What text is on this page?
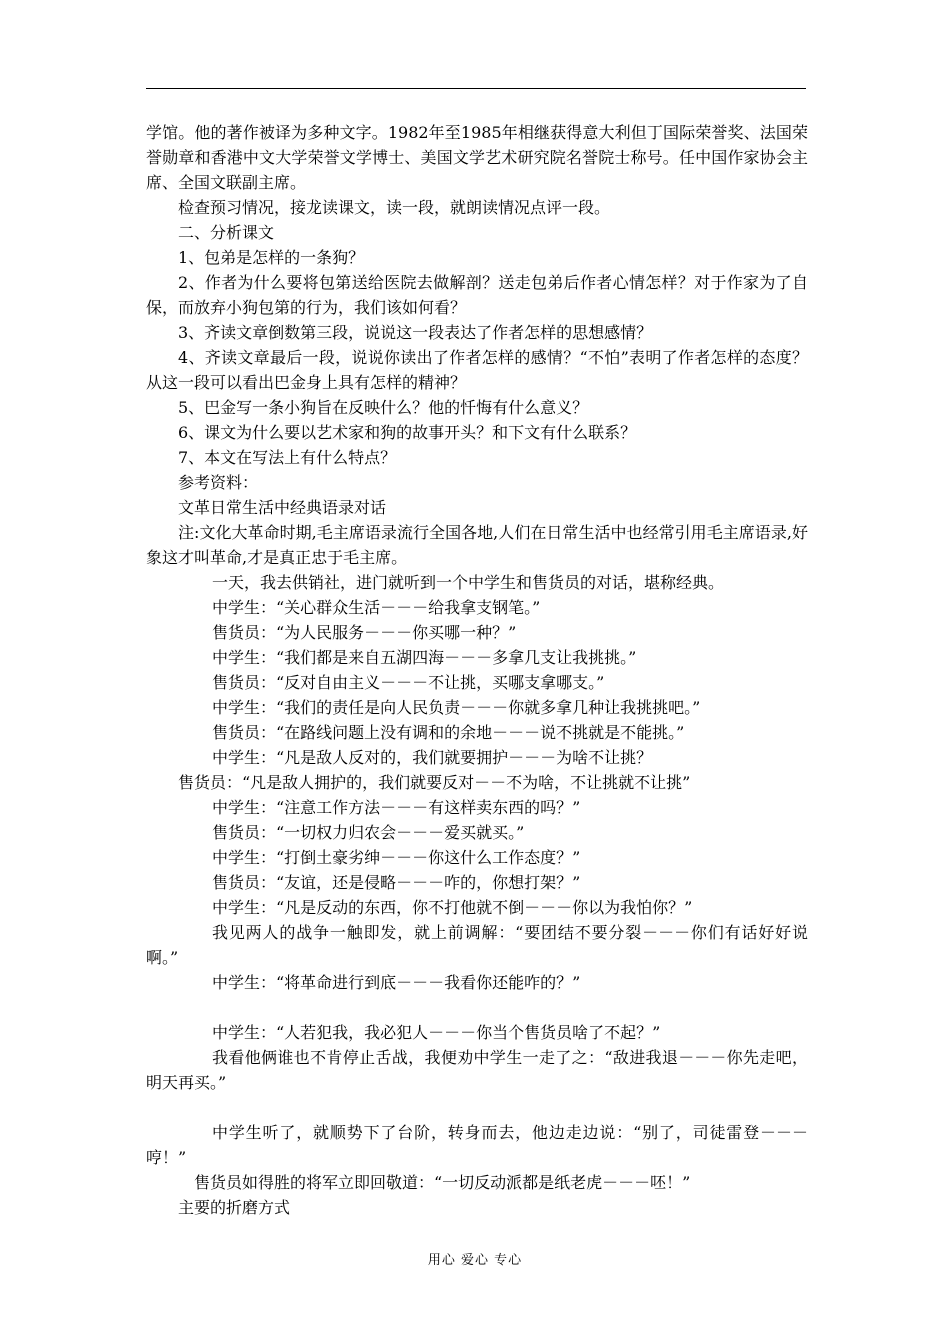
学馆。他的著作被译为多种文字。1982年至1985年相继获得意大利但丁国际荣誉奖、法国荣誉勋章和香港中文大学荣誉文学博士、美国文学艺术研究院名誉院士称号。任中国作家协会主席、全国文联副主席。

检查预习情况，接龙读课文，读一段，就朗读情况点评一段。

二、分析课文

1、包弟是怎样的一条狗？

2、作者为什么要将包第送给医院去做解剖？送走包弟后作者心情怎样？对于作家为了自保，而放弃小狗包第的行为，我们该如何看？

3、齐读文章倒数第三段，说说这一段表达了作者怎样的思想感情？

4、齐读文章最后一段，说说你读出了作者怎样的感情？“不怕”表明了作者怎样的态度？从这一段可以看出巴金身上具有怎样的精神？

5、巴金写一条小狗旨在反映什么？他的忏悔有什么意义？

6、课文为什么要以艺术家和狗的故事开头？和下文有什么联系？

7、本文在写法上有什么特点？

参考资料：

文革日常生活中经典语录对话

注:文化大革命时期,毛主席语录流行全国各地,人们在日常生活中也经常引用毛主席语录,好象这才叫革命,才是真正忠于毛主席。

一天，我去供销社，进门就听到一个中学生和售货员的对话，堪称经典。

中学生：“关心群众生活－－－给我拿支钢笔。”

售货员：“为人民服务－－－你买哪一种？”

中学生：“我们都是来自五湖四海－－－多拿几支让我挑挑。”

售货员：“反对自由主义－－－不让挑，买哪支拿哪支。”

中学生：“我们的责任是向人民负责－－－你就多拿几种让我挑挑吧。”

售货员：“在路线问题上没有调和的余地－－－说不挑就是不能挑。”

中学生：“凡是敌人反对的，我们就要拥护－－－为啥不让挑？

售货员：“凡是敌人拥护的，我们就要反对－－不为啥，不让挑就不让挑”

中学生：“注意工作方法－－－有这样卖东西的吗？”

售货员：“一切权力归农会－－－爱买就买。”

中学生：“打倒土豪劣绅－－－你这什么工作态度？”

售货员：“友谊，还是侵略－－－咋的，你想打架？”

中学生：“凡是反动的东西，你不打他就不倒－－－你以为我怕你？”

我见两人的战争一触即发，就上前调解：“要团结不要分裂－－－你们有话好好说啊。”

中学生：“将革命进行到底－－－我看你还能咋的？”

中学生：“人若犯我，我必犯人－－－你当个售货员啥了不起？”

我看他俩谁也不肯停止舌战，我便劝中学生一走了之：“敌进我退－－－你先走吧，明天再买。”

中学生听了，就顺势下了台阶，转身而去，他边走边说：“别了，司徒雷登－－－哼！”

售货员如得胜的将军立即回敬道：“一切反动派都是纸老虎－－－呸！”

主要的折磨方式

用心 爱心 专心
